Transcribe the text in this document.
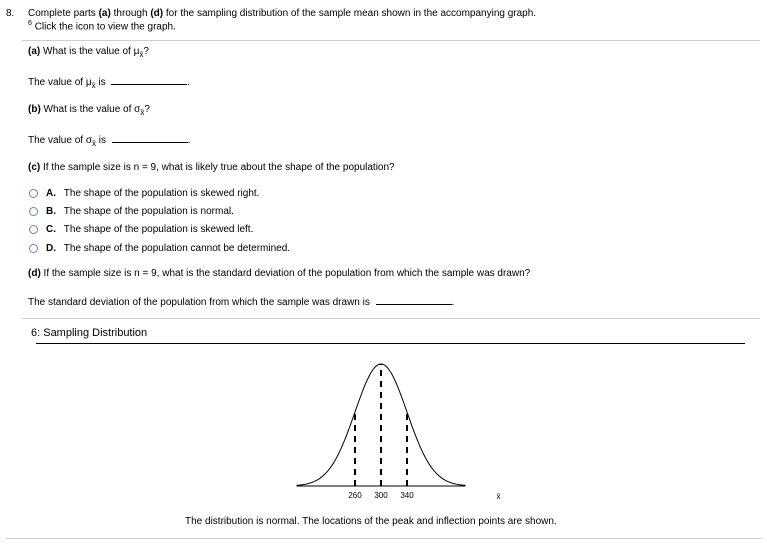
8. Complete parts (a) through (d) for the sampling distribution of the sample mean shown in the accompanying graph.
$^6$ Click the icon to view the graph.
(a) What is the value of $\mu_{x̄}$?
The value of $\mu_{x̄}$ is	.
(b) What is the value of $\sigma_{x̄}$?
The value of $\sigma_{x̄}$ is	.
(c) If the sample size is n = 9, what is likely true about the shape of the population?
A. The shape of the population is skewed right.
B. The shape of the population is normal.
C. The shape of the population is skewed left.
D. The shape of the population cannot be determined.
(d) If the sample size is n = 9, what is the standard deviation of the population from which the sample was drawn?
The standard deviation of the population from which the sample was drawn is	.
6: Sampling Distribution
260 300 340	x̄
The distribution is normal. The locations of the peak and inflection points are shown.
